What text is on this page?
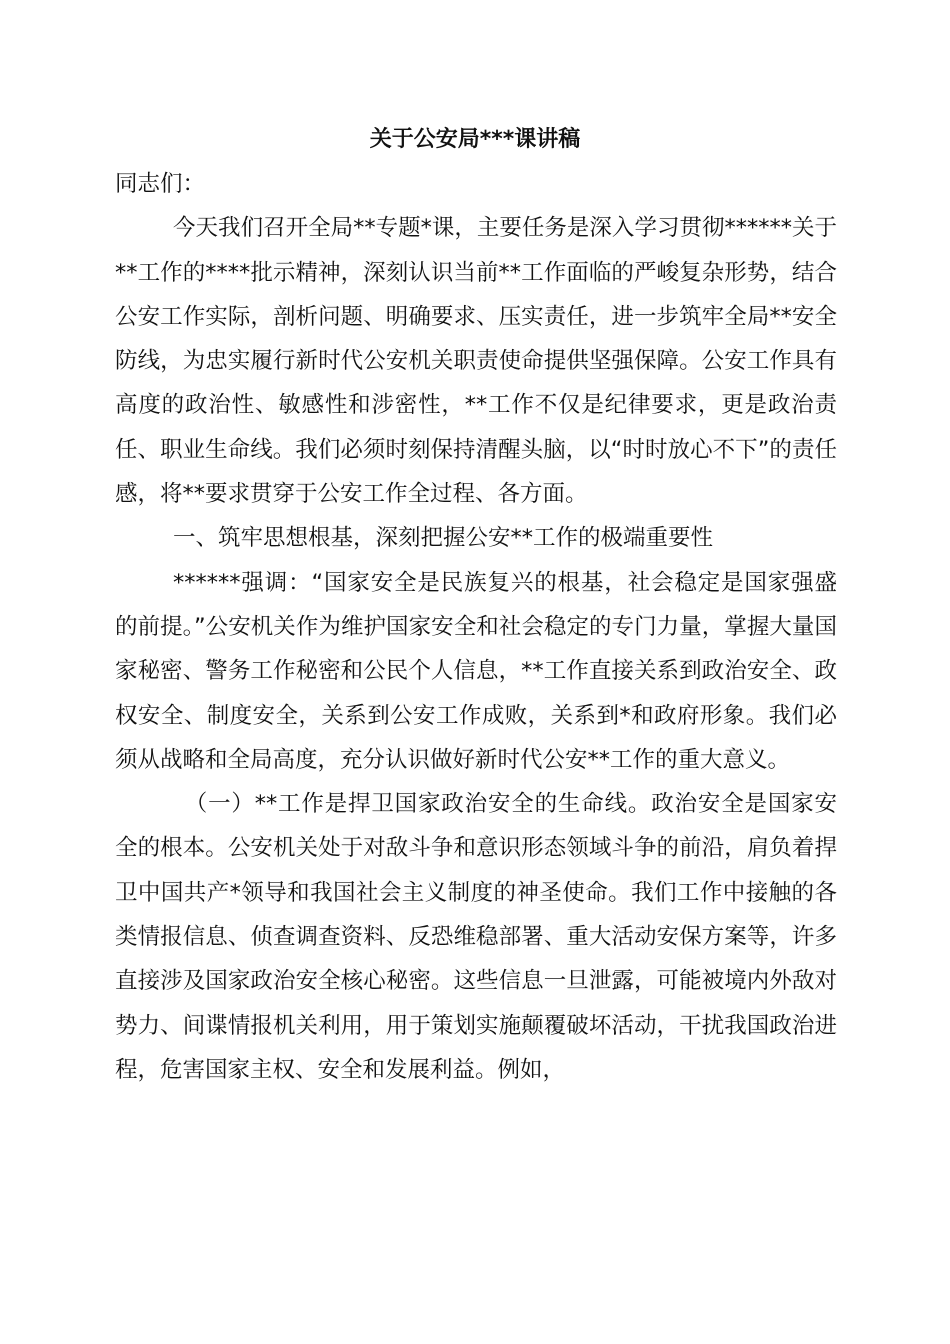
关于公安局***课讲稿

同志们：

今天我们召开全局**专题*课，主要任务是深入学习贯彻******关于**工作的****批示精神，深刻认识当前**工作面临的严峻复杂形势，结合公安工作实际，剖析问题、明确要求、压实责任，进一步筑牢全局**安全防线，为忠实履行新时代公安机关职责使命提供坚强保障。公安工作具有高度的政治性、敏感性和涉密性，**工作不仅是纪律要求，更是政治责任、职业生命线。我们必须时刻保持清醒头脑，以“时时放心不下”的责任感，将**要求贯穿于公安工作全过程、各方面。

一、筑牢思想根基，深刻把握公安**工作的极端重要性

******强调：“国家安全是民族复兴的根基，社会稳定是国家强盛的前提。”公安机关作为维护国家安全和社会稳定的专门力量，掌握大量国家秘密、警务工作秘密和公民个人信息，**工作直接关系到政治安全、政权安全、制度安全，关系到公安工作成败，关系到*和政府形象。我们必须从战略和全局高度，充分认识做好新时代公安**工作的重大意义。

（一）**工作是捍卫国家政治安全的生命线。政治安全是国家安全的根本。公安机关处于对敌斗争和意识形态领域斗争的前沿，肩负着捍卫中国共产*领导和我国社会主义制度的神圣使命。我们工作中接触的各类情报信息、侦查调查资料、反恐维稳部署、重大活动安保方案等，许多直接涉及国家政治安全核心秘密。这些信息一旦泄露，可能被境内外敌对势力、间谍情报机关利用，用于策划实施颠覆破坏活动，干扰我国政治进程，危害国家主权、安全和发展利益。例如，
